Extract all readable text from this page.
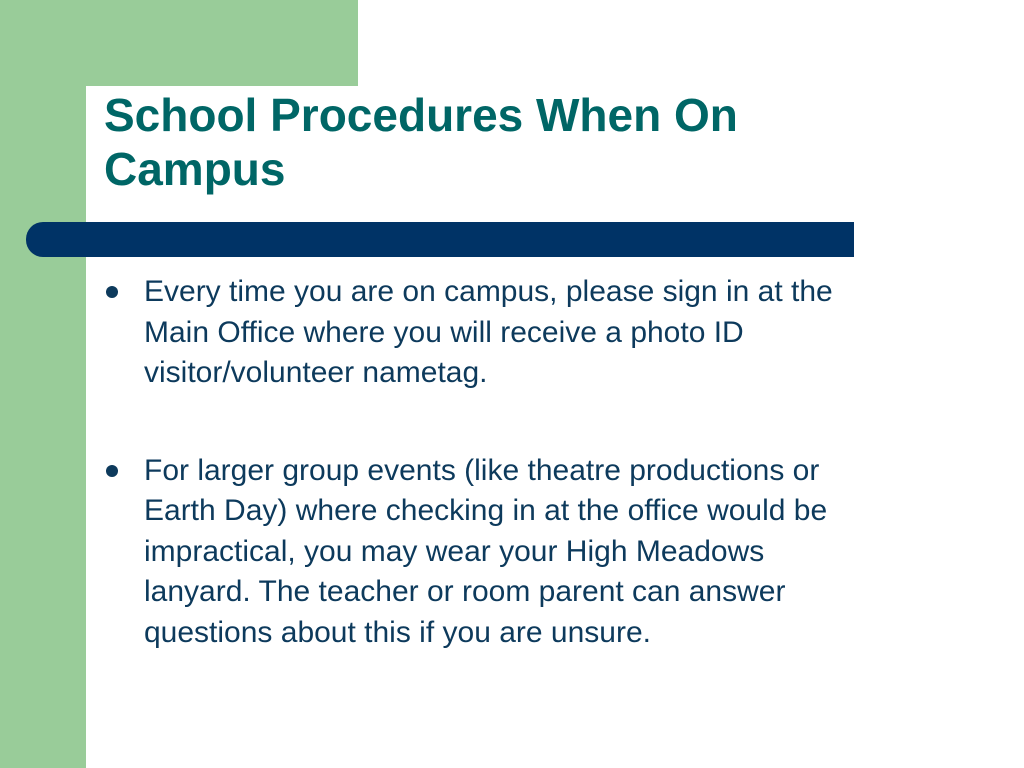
School Procedures When On
Campus
Every time you are on campus, please sign in at the
Main Office where you will receive a photo ID
visitor/volunteer nametag.
For larger group events (like theatre productions or
Earth Day) where checking in at the office would be
impractical, you may wear your High Meadows
lanyard. The teacher or room parent can answer
questions about this if you are unsure.
